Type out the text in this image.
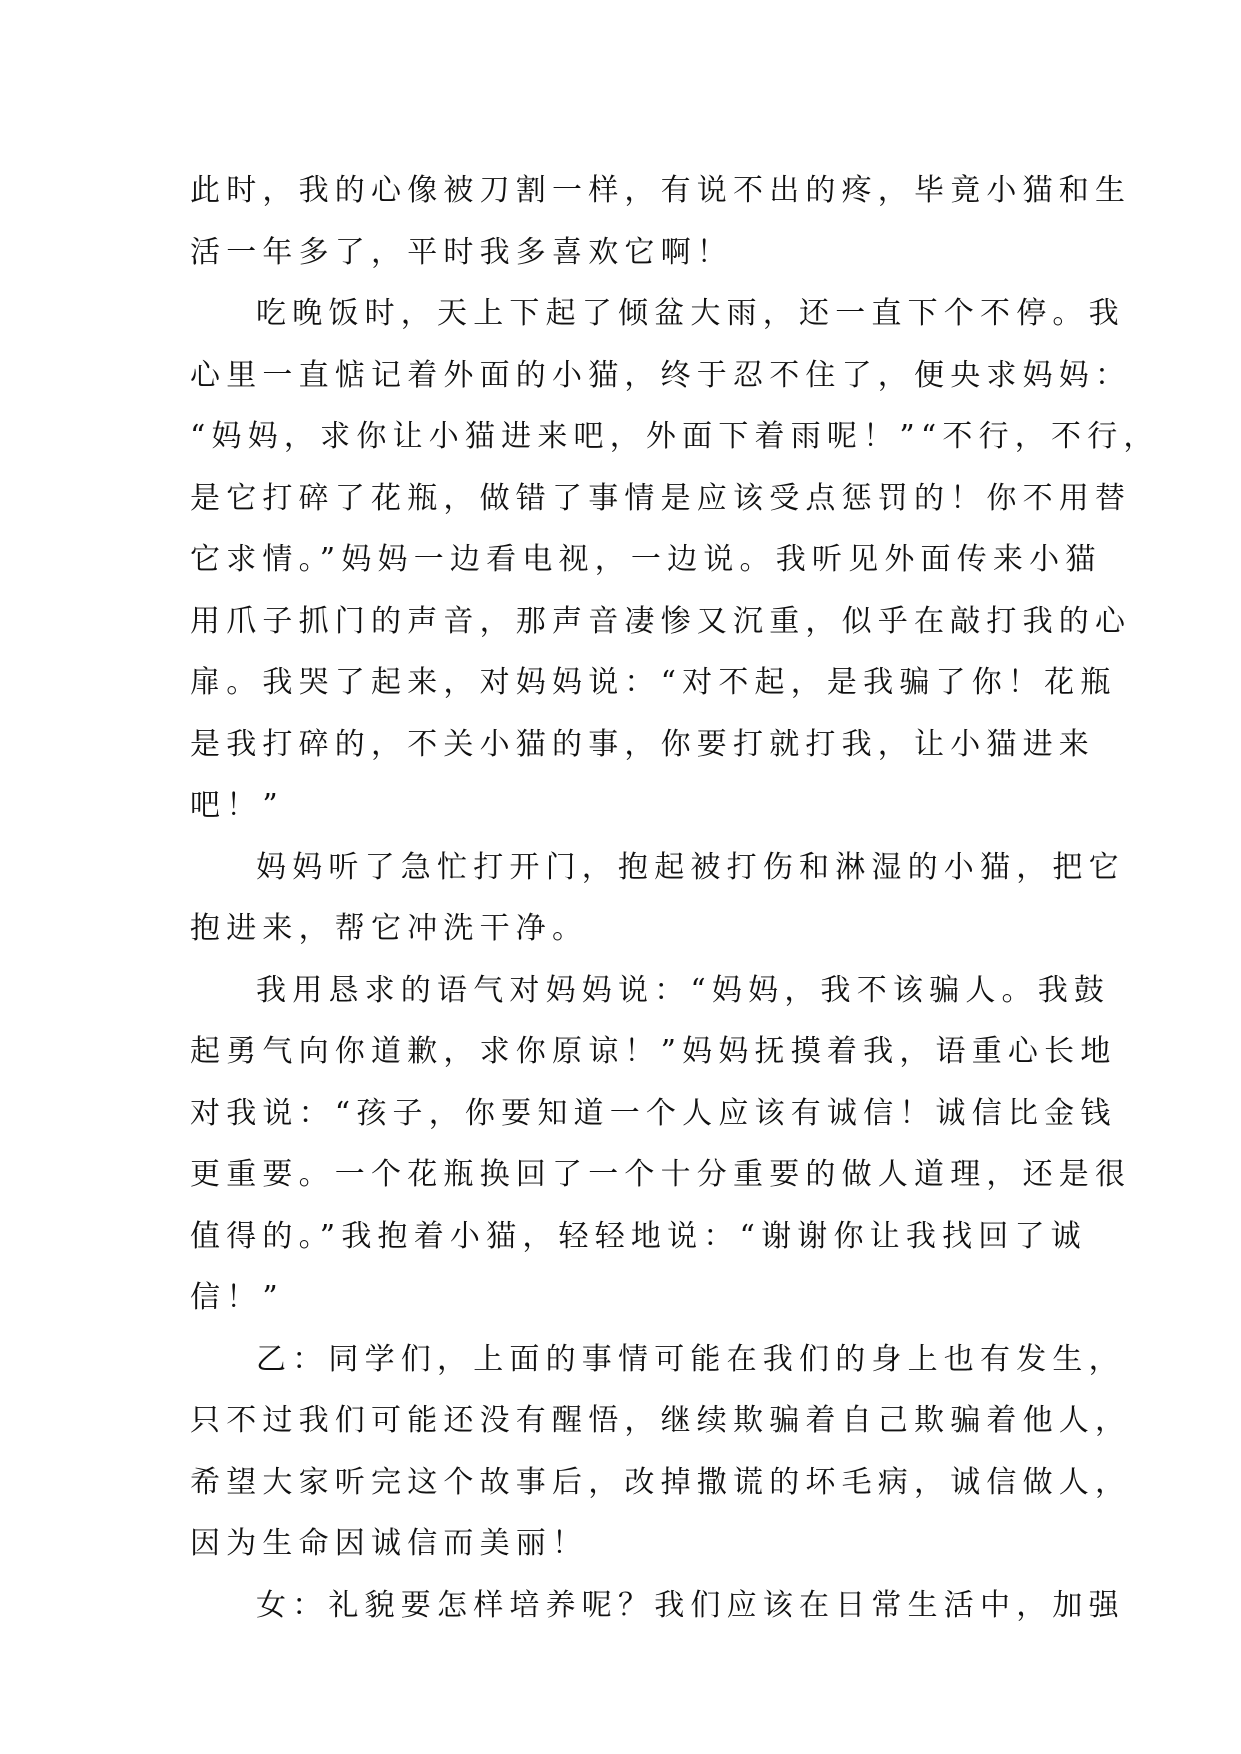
此时，我的心像被刀割一样，有说不出的疼，毕竟小猫和生
活一年多了，平时我多喜欢它啊！
吃晚饭时，天上下起了倾盆大雨，还一直下个不停。我
心里一直惦记着外面的小猫，终于忍不住了，便央求妈妈：
“妈妈，求你让小猫进来吧，外面下着雨呢！”“不行，不行，
是它打碎了花瓶，做错了事情是应该受点惩罚的！你不用替
它求情。”妈妈一边看电视，一边说。我听见外面传来小猫
用爪子抓门的声音，那声音凄惨又沉重，似乎在敲打我的心
扉。我哭了起来，对妈妈说：“对不起，是我骗了你！花瓶
是我打碎的，不关小猫的事，你要打就打我，让小猫进来
吧！”
妈妈听了急忙打开门，抱起被打伤和淋湿的小猫，把它
抱进来，帮它冲洗干净。
我用恳求的语气对妈妈说：“妈妈，我不该骗人。我鼓
起勇气向你道歉，求你原谅！”妈妈抚摸着我，语重心长地
对我说：“孩子，你要知道一个人应该有诚信！诚信比金钱
更重要。一个花瓶换回了一个十分重要的做人道理，还是很
值得的。”我抱着小猫，轻轻地说：“谢谢你让我找回了诚
信！”
乙：同学们，上面的事情可能在我们的身上也有发生，
只不过我们可能还没有醒悟，继续欺骗着自己欺骗着他人，
希望大家听完这个故事后，改掉撒谎的坏毛病，诚信做人，
因为生命因诚信而美丽！
女：礼貌要怎样培养呢？我们应该在日常生活中，加强
